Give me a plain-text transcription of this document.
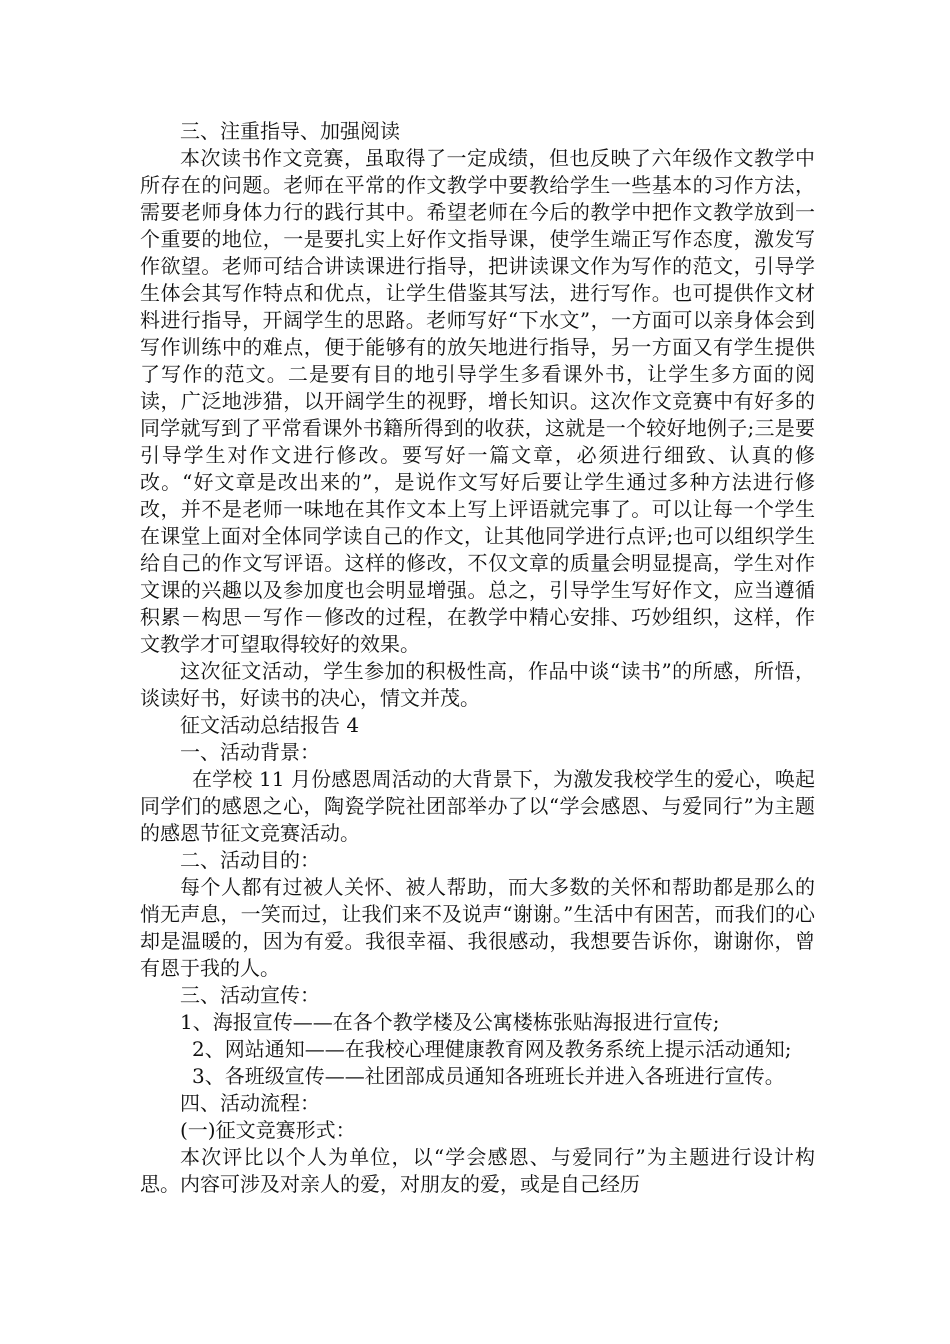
三、注重指导、加强阅读

本次读书作文竞赛，虽取得了一定成绩，但也反映了六年级作文教学中所存在的问题。老师在平常的作文教学中要教给学生一些基本的习作方法，需要老师身体力行的践行其中。希望老师在今后的教学中把作文教学放到一个重要的地位，一是要扎实上好作文指导课，使学生端正写作态度，激发写作欲望。老师可结合讲读课进行指导，把讲读课文作为写作的范文，引导学生体会其写作特点和优点，让学生借鉴其写法，进行写作。也可提供作文材料进行指导，开阔学生的思路。老师写好“下水文”，一方面可以亲身体会到写作训练中的难点，便于能够有的放矢地进行指导，另一方面又有学生提供了写作的范文。二是要有目的地引导学生多看课外书，让学生多方面的阅读，广泛地涉猎，以开阔学生的视野，增长知识。这次作文竞赛中有好多的同学就写到了平常看课外书籍所得到的收获，这就是一个较好地例子;三是要引导学生对作文进行修改。要写好一篇文章，必须进行细致、认真的修改。“好文章是改出来的”，是说作文写好后要让学生通过多种方法进行修改，并不是老师一味地在其作文本上写上评语就完事了。可以让每一个学生在课堂上面对全体同学读自己的作文，让其他同学进行点评;也可以组织学生给自己的作文写评语。这样的修改，不仅文章的质量会明显提高，学生对作文课的兴趣以及参加度也会明显增强。总之，引导学生写好作文，应当遵循积累－构思－写作－修改的过程，在教学中精心安排、巧妙组织，这样，作文教学才可望取得较好的效果。

这次征文活动，学生参加的积极性高，作品中谈“读书”的所感，所悟，谈读好书，好读书的决心，情文并茂。

征文活动总结报告 4

一、活动背景：

在学校 11 月份感恩周活动的大背景下，为激发我校学生的爱心，唤起同学们的感恩之心，陶瓷学院社团部举办了以“学会感恩、与爱同行”为主题的感恩节征文竞赛活动。

二、活动目的：

每个人都有过被人关怀、被人帮助，而大多数的关怀和帮助都是那么的悄无声息，一笑而过，让我们来不及说声“谢谢。”生活中有困苦，而我们的心却是温暖的，因为有爱。我很幸福、我很感动，我想要告诉你，谢谢你，曾有恩于我的人。

三、活动宣传：

1、海报宣传——在各个教学楼及公寓楼栋张贴海报进行宣传;

2、网站通知——在我校心理健康教育网及教务系统上提示活动通知;

3、各班级宣传——社团部成员通知各班班长并进入各班进行宣传。

四、活动流程：

(一)征文竞赛形式：

本次评比以个人为单位，以“学会感恩、与爱同行”为主题进行设计构思。内容可涉及对亲人的爱，对朋友的爱，或是自己经历
